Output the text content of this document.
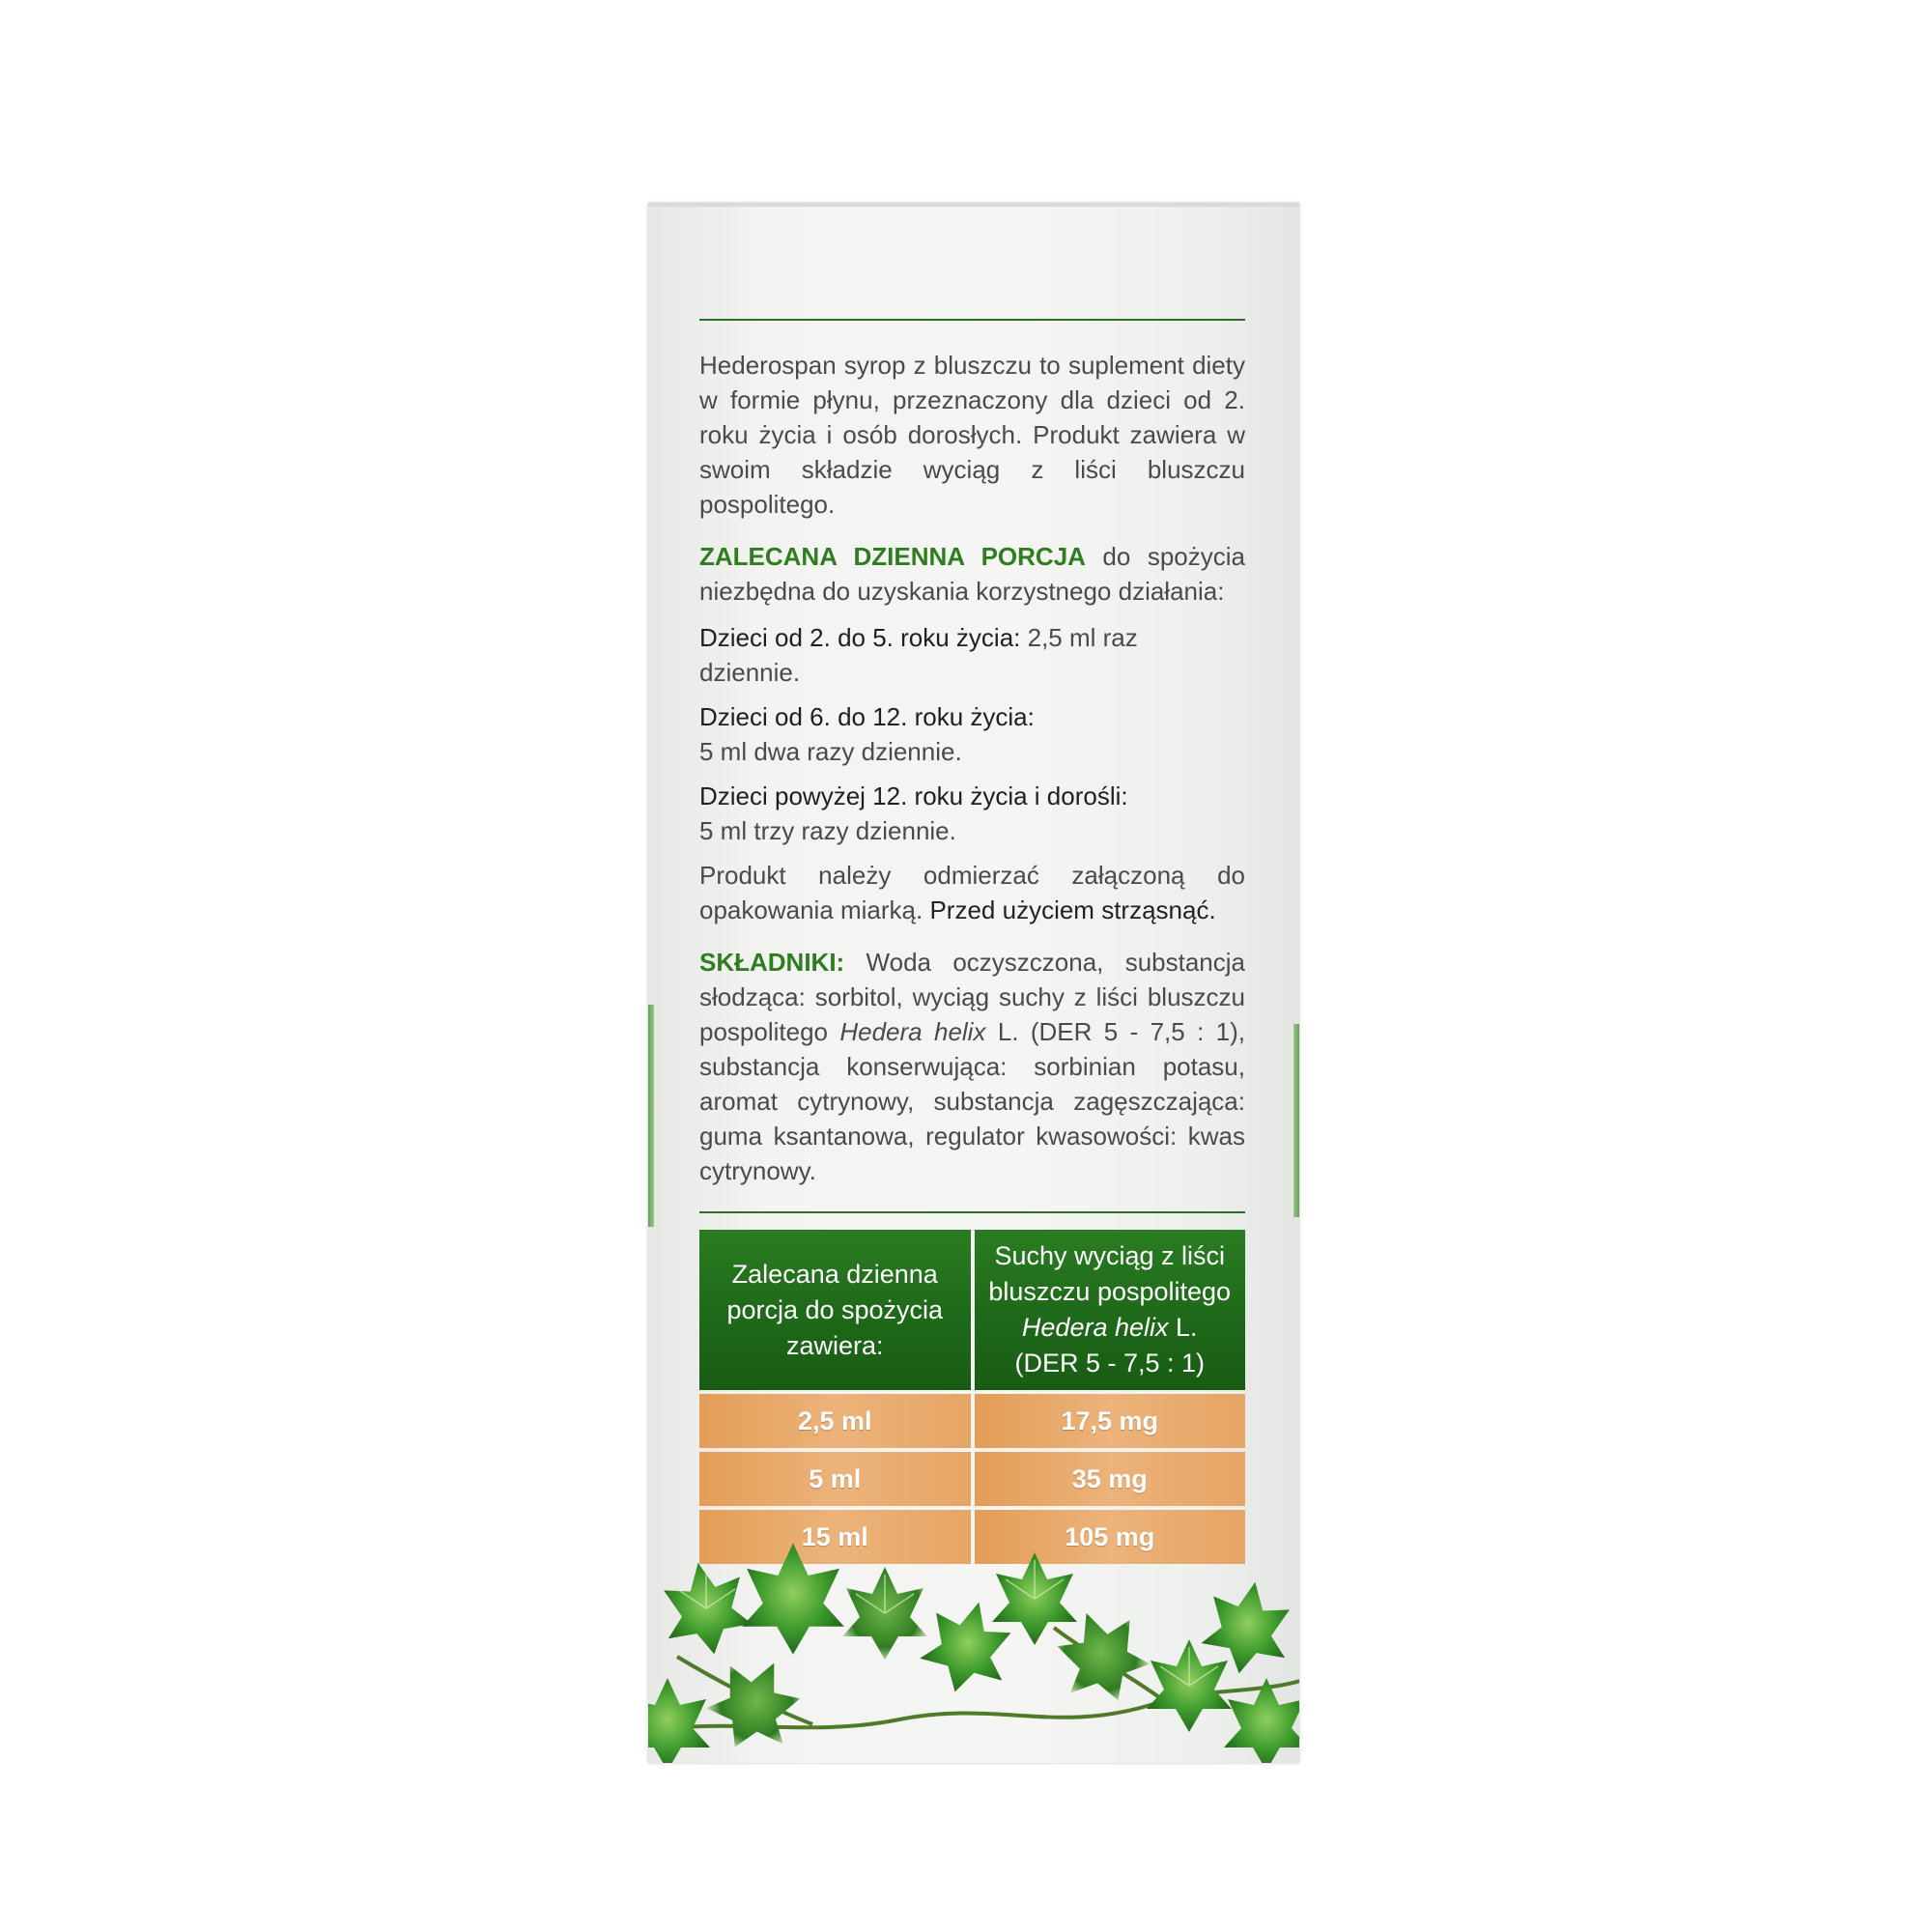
Hederospan syrop z bluszczu to suplement diety w formie płynu, przeznaczony dla dzieci od 2. roku życia i osób dorosłych. Produkt zawiera w swoim składzie wyciąg z liści bluszczu pospolitego.

ZALECANA DZIENNA PORCJA do spożycia niezbędna do uzyskania korzystnego działania:

Dzieci od 2. do 5. roku życia: 2,5 ml raz dziennie.
Dzieci od 6. do 12. roku życia:
5 ml dwa razy dziennie.
Dzieci powyżej 12. roku życia i dorośli:
5 ml trzy razy dziennie.

Produkt należy odmierzać załączoną do opakowania miarką. Przed użyciem strząsnąć.

SKŁADNIKI: Woda oczyszczona, substancja słodząca: sorbitol, wyciąg suchy z liści bluszczu pospolitego Hedera helix L. (DER 5 - 7,5 : 1), substancja konserwująca: sorbinian potasu, aromat cytrynowy, substancja zagęszczająca: guma ksantanowa, regulator kwasowości: kwas cytrynowy.

Zalecana dzienna porcja do spożycia zawiera:
Suchy wyciąg z liści bluszczu pospolitego
Hedera helix L.
(DER 5 - 7,5 : 1)
2,5 ml	17,5 mg
5 ml	35 mg
15 ml	105 mg
